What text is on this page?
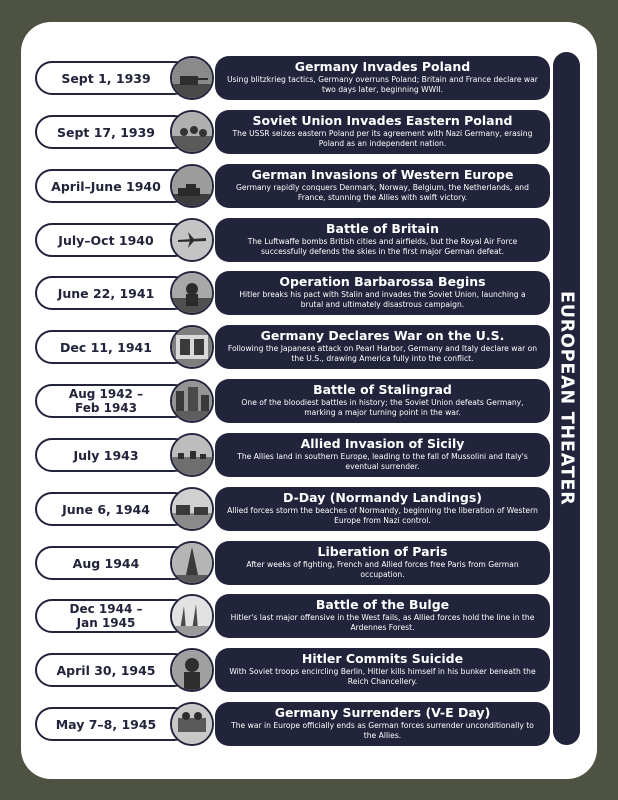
EUROPEAN THEATER
Sept 1, 1939
Germany Invades Poland
Using blitzkrieg tactics, Germany overruns Poland; Britain and France declare war two days later, beginning WWII.
Sept 17, 1939
Soviet Union Invades Eastern Poland
The USSR seizes eastern Poland per its agreement with Nazi Germany, erasing Poland as an independent nation.
April–June 1940
German Invasions of Western Europe
Germany rapidly conquers Denmark, Norway, Belgium, the Netherlands, and France, stunning the Allies with swift victory.
July–Oct 1940
Battle of Britain
The Luftwaffe bombs British cities and airfields, but the Royal Air Force successfully defends the skies in the first major German defeat.
June 22, 1941
Operation Barbarossa Begins
Hitler breaks his pact with Stalin and invades the Soviet Union, launching a brutal and ultimately disastrous campaign.
Dec 11, 1941
Germany Declares War on the U.S.
Following the Japanese attack on Pearl Harbor, Germany and Italy declare war on the U.S., drawing America fully into the conflict.
Aug 1942 –
Feb 1943
Battle of Stalingrad
One of the bloodiest battles in history; the Soviet Union defeats Germany, marking a major turning point in the war.
July 1943
Allied Invasion of Sicily
The Allies land in southern Europe, leading to the fall of Mussolini and Italy's eventual surrender.
June 6, 1944
D-Day (Normandy Landings)
Allied forces storm the beaches of Normandy, beginning the liberation of Western Europe from Nazi control.
Aug 1944
Liberation of Paris
After weeks of fighting, French and Allied forces free Paris from German occupation.
Dec 1944 –
Jan 1945
Battle of the Bulge
Hitler's last major offensive in the West fails, as Allied forces hold the line in the Ardennes Forest.
April 30, 1945
Hitler Commits Suicide
With Soviet troops encircling Berlin, Hitler kills himself in his bunker beneath the Reich Chancellery.
May 7–8, 1945
Germany Surrenders (V-E Day)
The war in Europe officially ends as German forces surrender unconditionally to the Allies.
